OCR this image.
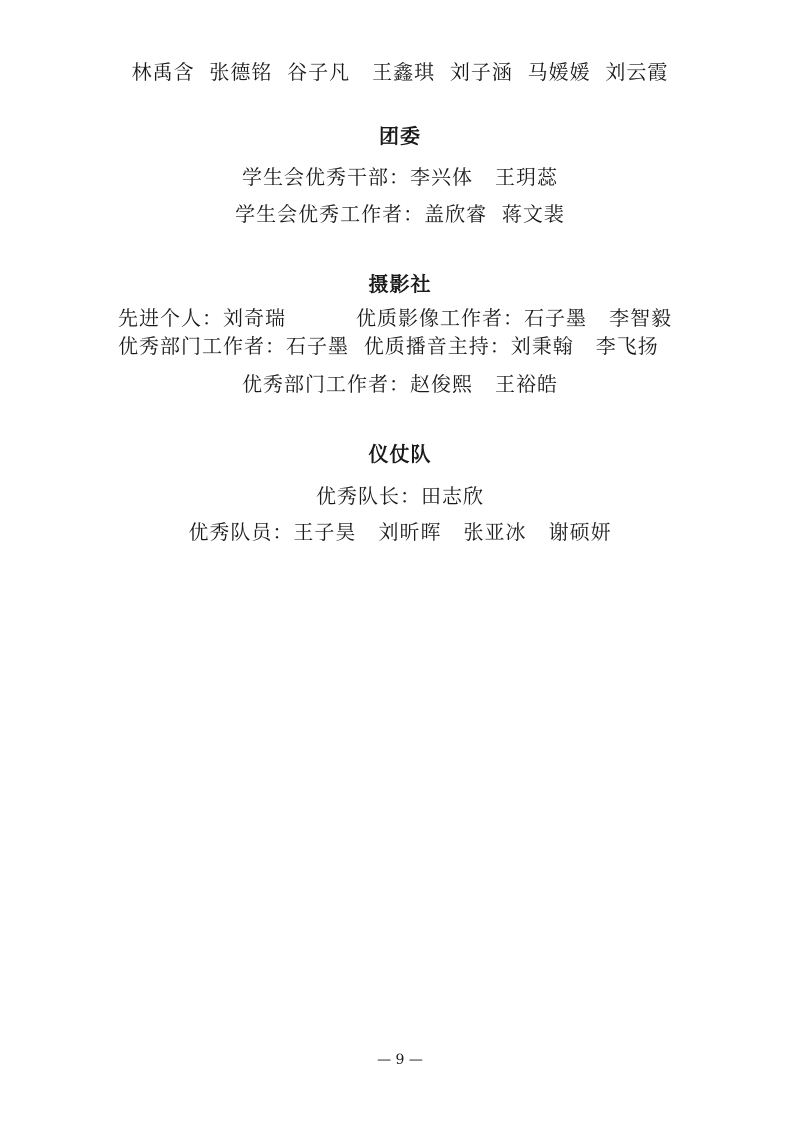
林禹含  张德铭  谷子凡   王鑫琪  刘子涵  马媛媛  刘云霞
团委
学生会优秀干部：李兴体   王玥蕊
学生会优秀工作者：盖欣睿  蒋文裴
摄影社
先进个人：刘奇瑞	优质影像工作者：石子墨   李智毅
优秀部门工作者：石子墨  优质播音主持：刘秉翰   李飞扬
优秀部门工作者：赵俊熙   王裕皓
仪仗队
优秀队长：田志欣
优秀队员：王子昊   刘昕晖   张亚冰   谢硕妍
— 9 —
